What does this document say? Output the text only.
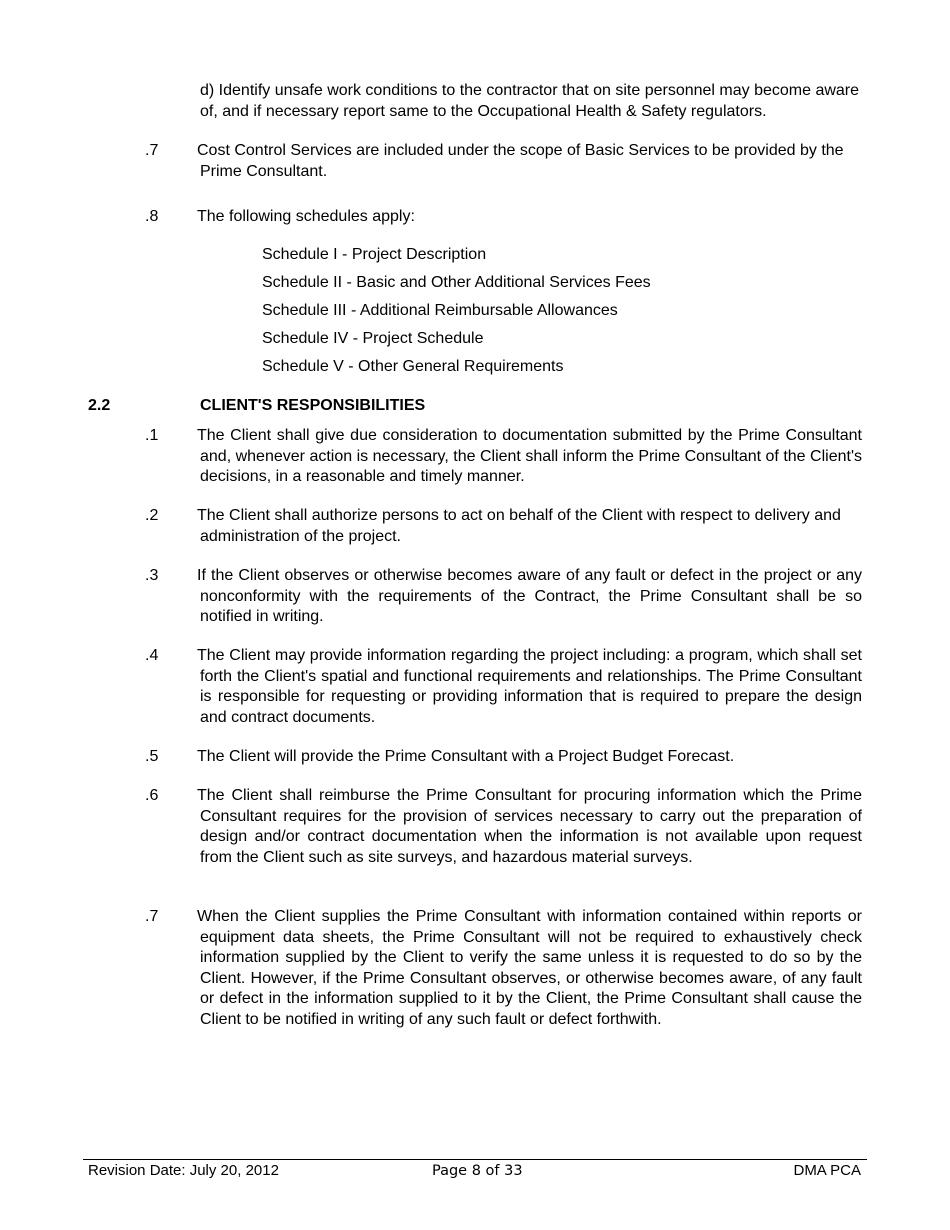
d) Identify unsafe work conditions to the contractor that on site personnel may become aware of, and if necessary report same to the Occupational Health & Safety regulators.
.7 Cost Control Services are included under the scope of Basic Services to be provided by the Prime Consultant.
.8 The following schedules apply:
Schedule I - Project Description
Schedule II - Basic and Other Additional Services Fees
Schedule III - Additional Reimbursable Allowances
Schedule IV - Project Schedule
Schedule V - Other General Requirements
2.2	CLIENT'S RESPONSIBILITIES
.1 The Client shall give due consideration to documentation submitted by the Prime Consultant and, whenever action is necessary, the Client shall inform the Prime Consultant of the Client's decisions, in a reasonable and timely manner.
.2 The Client shall authorize persons to act on behalf of the Client with respect to delivery and administration of the project.
.3 If the Client observes or otherwise becomes aware of any fault or defect in the project or any nonconformity with the requirements of the Contract, the Prime Consultant shall be so notified in writing.
.4 The Client may provide information regarding the project including: a program, which shall set forth the Client's spatial and functional requirements and relationships. The Prime Consultant is responsible for requesting or providing information that is required to prepare the design and contract documents.
.5 The Client will provide the Prime Consultant with a Project Budget Forecast.
.6 The Client shall reimburse the Prime Consultant for procuring information which the Prime Consultant requires for the provision of services necessary to carry out the preparation of design and/or contract documentation when the information is not available upon request from the Client such as site surveys, and hazardous material surveys.
.7 When the Client supplies the Prime Consultant with information contained within reports or equipment data sheets, the Prime Consultant will not be required to exhaustively check information supplied by the Client to verify the same unless it is requested to do so by the Client. However, if the Prime Consultant observes, or otherwise becomes aware, of any fault or defect in the information supplied to it by the Client, the Prime Consultant shall cause the Client to be notified in writing of any such fault or defect forthwith.
Revision Date: July 20, 2012	Page 8 of 33	DMA PCA
